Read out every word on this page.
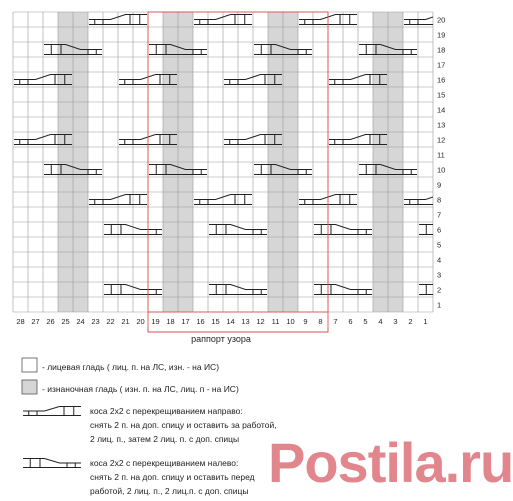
20
19
18
17
16
15
14
13
12
11
10
9
8
7
6
5
4
3
2
1
28 27 26 25 24 23 22 21 20 19 18 17 16 15 14 13 12 11 10 9 8 7 6 5 4 3 2 1
раппорт узора
- лицевая гладь ( лиц. п. на ЛС, изн. - на ИС)
- изнаночная гладь ( изн. п. на ЛС, лиц. п - на ИС)
коса 2х2 с перекрещиванием направо:
снять 2 п. на доп. спицу и оставить за работой,
2 лиц. п., затем 2 лиц. п. с доп. спицы
коса 2х2 с перекрещиванием налево:
снять 2 п. на доп. спицу и оставить перед
работой, 2 лиц. п., 2 лиц.п. с доп. спицы Postila.ru
